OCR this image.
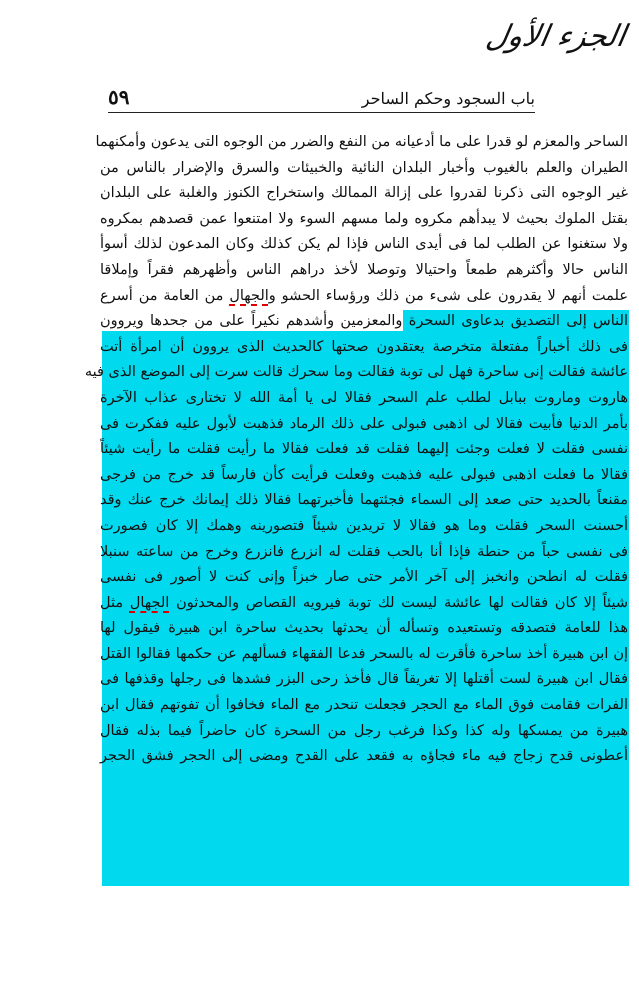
الجزء الأول
باب السجود وحكم الساحر
٥٩
الساحر والمعزم لو قدرا على ما أدعيانه من النفع والضرر من الوجوه التى يدعون وأمكنهما
الطيران والعلم بالغيوب وأخبار البلدان النائية والخبيئات والسرق والإضرار بالناس من
غير الوجوه التى ذكرنا لقدروا على إزالة الممالك واستخراج الكنوز والغلبة على البلدان
بقتل الملوك بحيث لا يبدأهم مكروه ولما مسهم السوء ولا امتنعوا عمن قصدهم بمكروه
ولا ستغنوا عن الطلب لما فى أيدى الناس فإذا لم يكن كذلك وكان المدعون لذلك أسوأ
الناس حالا وأكثرهم طمعاً واحتيالا وتوصلا لأخذ دراهم الناس وأظهرهم فقراً وإملاقا
علمت أنهم لا يقدرون على شىء من ذلك ورؤساء الحشو والجهال من العامة من أسرع
الناس إلى التصديق بدعاوى السحرة والمعزمين وأشدهم نكيراً على من جحدها ويروون
فى ذلك أخباراً مفتعلة متخرصة يعتقدون صحتها كالحديث الذى يروون أن امرأة أتت
عائشة فقالت إنى ساحرة فهل لى توبة فقالت وما سحرك قالت سرت إلى الموضع الذى فيه
هاروت وماروت ببابل لطلب علم السحر فقالا لى يا أمة الله لا تختارى عذاب الآخرة
بأمر الدنيا فأبيت فقالا لى اذهبى فبولى على ذلك الرماد فذهبت لأبول عليه ففكرت فى
نفسى فقلت لا فعلت وجئت إليهما فقلت قد فعلت فقالا ما رأيت فقلت ما رأيت شيئاً
فقالا ما فعلت اذهبى فبولى عليه فذهبت وفعلت فرأيت كأن فارساً قد خرج من فرجى
مقنعاً بالحديد حتى صعد إلى السماء فجئتهما فأخبرتهما فقالا ذلك إيمانك خرج عنك وقد
أحسنت السحر فقلت وما هو فقالا لا تريدين شيئاً فتصورينه وهمك إلا كان فصورت
فى نفسى حباً من حنطة فإذا أنا بالحب فقلت له انزرع فانزرع وخرج من ساعته سنبلا
فقلت له انطحن وانخبز إلى آخر الأمر حتى صار خبزاً وإنى كنت لا أصور فى نفسى
شيئاً إلا كان فقالت لها عائشة ليست لك توبة فيرويه القصاص والمحدثون الجهال مثل
هذا للعامة فتصدقه وتستعيده وتسأله أن يحدثها بحديث ساحرة ابن هبيرة فيقول لها
إن ابن هبيرة أخذ ساحرة فأقرت له بالسحر فدعا الفقهاء فسألهم عن حكمها فقالوا القتل
فقال ابن هبيرة لست أقتلها إلا تغريقاً قال فأخذ رحى البزر فشدها فى رجلها وقذفها فى
الفرات فقامت فوق الماء مع الحجر فجعلت تنحدر مع الماء فخافوا أن تفوتهم فقال ابن
هبيرة من يمسكها وله كذا وكذا فرغب رجل من السحرة كان حاضراً فيما بذله فقال
أعطونى قدح زجاج فيه ماء فجاؤه به فقعد على القدح ومضى إلى الحجر فشق الحجر
